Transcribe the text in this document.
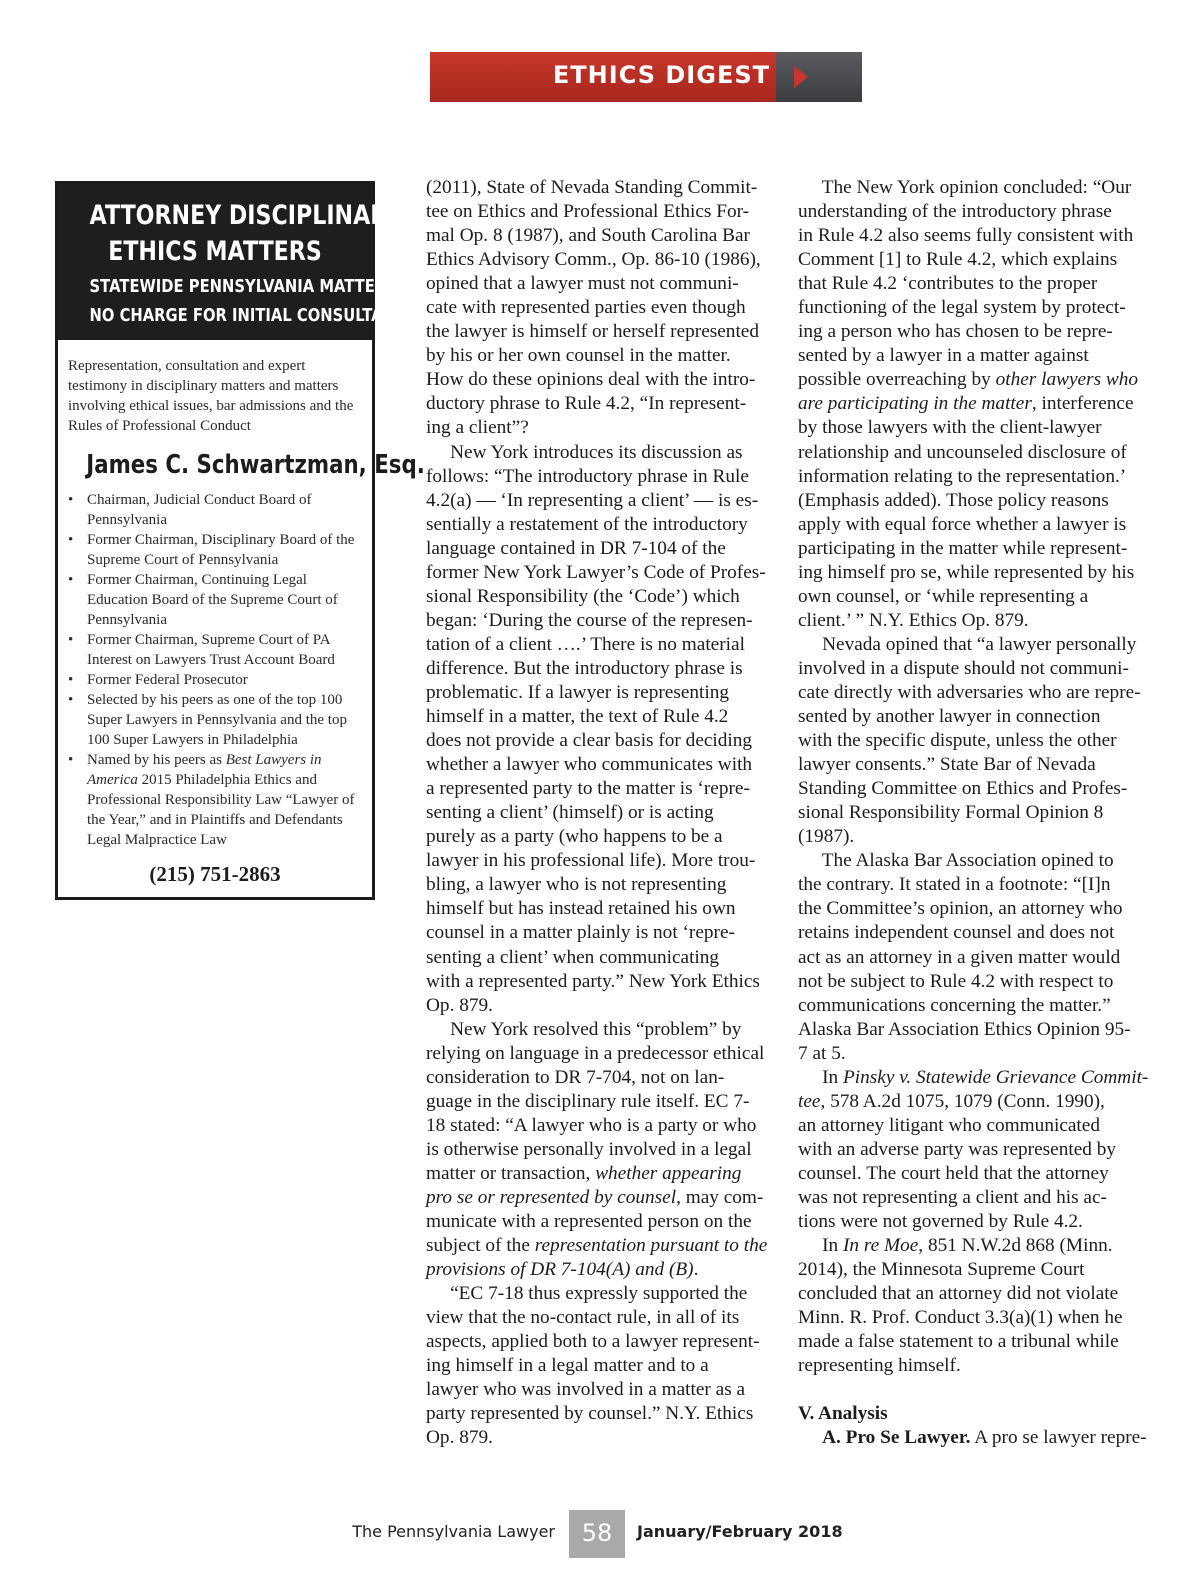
ETHICS DIGEST
ATTORNEY DISCIPLINARY /
ETHICS MATTERS
STATEWIDE PENNSYLVANIA MATTERS
NO CHARGE FOR INITIAL CONSULTATION
Representation, consultation and expert testimony in disciplinary matters and matters involving ethical issues, bar admissions and the Rules of Professional Conduct
James C. Schwartzman, Esq.
• Chairman, Judicial Conduct Board of Pennsylvania
• Former Chairman, Disciplinary Board of the Supreme Court of Pennsylvania
• Former Chairman, Continuing Legal Education Board of the Supreme Court of Pennsylvania
• Former Chairman, Supreme Court of PA Interest on Lawyers Trust Account Board
• Former Federal Prosecutor
• Selected by his peers as one of the top 100 Super Lawyers in Pennsylvania and the top 100 Super Lawyers in Philadelphia
• Named by his peers as Best Lawyers in America 2015 Philadelphia Ethics and Professional Responsibility Law “Lawyer of the Year,” and in Plaintiffs and Defendants Legal Malpractice Law
(215) 751-2863
(2011), State of Nevada Standing Commit-
tee on Ethics and Professional Ethics For-
mal Op. 8 (1987), and South Carolina Bar
Ethics Advisory Comm., Op. 86-10 (1986),
opined that a lawyer must not communi-
cate with represented parties even though
the lawyer is himself or herself represented
by his or her own counsel in the matter.
How do these opinions deal with the intro-
ductory phrase to Rule 4.2, “In represent-
ing a client”?
New York introduces its discussion as
follows: “The introductory phrase in Rule
4.2(a) — ‘In representing a client’ — is es-
sentially a restatement of the introductory
language contained in DR 7-104 of the
former New York Lawyer’s Code of Profes-
sional Responsibility (the ‘Code’) which
began: ‘During the course of the represen-
tation of a client ….’ There is no material
difference. But the introductory phrase is
problematic. If a lawyer is representing
himself in a matter, the text of Rule 4.2
does not provide a clear basis for deciding
whether a lawyer who communicates with
a represented party to the matter is ‘repre-
senting a client’ (himself) or is acting
purely as a party (who happens to be a
lawyer in his professional life). More trou-
bling, a lawyer who is not representing
himself but has instead retained his own
counsel in a matter plainly is not ‘repre-
senting a client’ when communicating
with a represented party.” New York Ethics
Op. 879.
New York resolved this “problem” by
relying on language in a predecessor ethical
consideration to DR 7-704, not on lan-
guage in the disciplinary rule itself. EC 7-
18 stated: “A lawyer who is a party or who
is otherwise personally involved in a legal
matter or transaction, whether appearing
pro se or represented by counsel, may com-
municate with a represented person on the
subject of the representation pursuant to the
provisions of DR 7-104(A) and (B).
“EC 7-18 thus expressly supported the
view that the no-contact rule, in all of its
aspects, applied both to a lawyer represent-
ing himself in a legal matter and to a
lawyer who was involved in a matter as a
party represented by counsel.” N.Y. Ethics
Op. 879.
The New York opinion concluded: “Our
understanding of the introductory phrase
in Rule 4.2 also seems fully consistent with
Comment [1] to Rule 4.2, which explains
that Rule 4.2 ‘contributes to the proper
functioning of the legal system by protect-
ing a person who has chosen to be repre-
sented by a lawyer in a matter against
possible overreaching by other lawyers who
are participating in the matter, interference
by those lawyers with the client-lawyer
relationship and uncounseled disclosure of
information relating to the representation.’
(Emphasis added). Those policy reasons
apply with equal force whether a lawyer is
participating in the matter while represent-
ing himself pro se, while represented by his
own counsel, or ‘while representing a
client.’ ” N.Y. Ethics Op. 879.
Nevada opined that “a lawyer personally
involved in a dispute should not communi-
cate directly with adversaries who are repre-
sented by another lawyer in connection
with the specific dispute, unless the other
lawyer consents.” State Bar of Nevada
Standing Committee on Ethics and Profes-
sional Responsibility Formal Opinion 8
(1987).
The Alaska Bar Association opined to
the contrary. It stated in a footnote: “[I]n
the Committee’s opinion, an attorney who
retains independent counsel and does not
act as an attorney in a given matter would
not be subject to Rule 4.2 with respect to
communications concerning the matter.”
Alaska Bar Association Ethics Opinion 95-
7 at 5.
In Pinsky v. Statewide Grievance Commit-
tee, 578 A.2d 1075, 1079 (Conn. 1990),
an attorney litigant who communicated
with an adverse party was represented by
counsel. The court held that the attorney
was not representing a client and his ac-
tions were not governed by Rule 4.2.
In In re Moe, 851 N.W.2d 868 (Minn.
2014), the Minnesota Supreme Court
concluded that an attorney did not violate
Minn. R. Prof. Conduct 3.3(a)(1) when he
made a false statement to a tribunal while
representing himself.
V. Analysis
A. Pro Se Lawyer. A pro se lawyer repre-
The Pennsylvania Lawyer	58	January/February 2018
